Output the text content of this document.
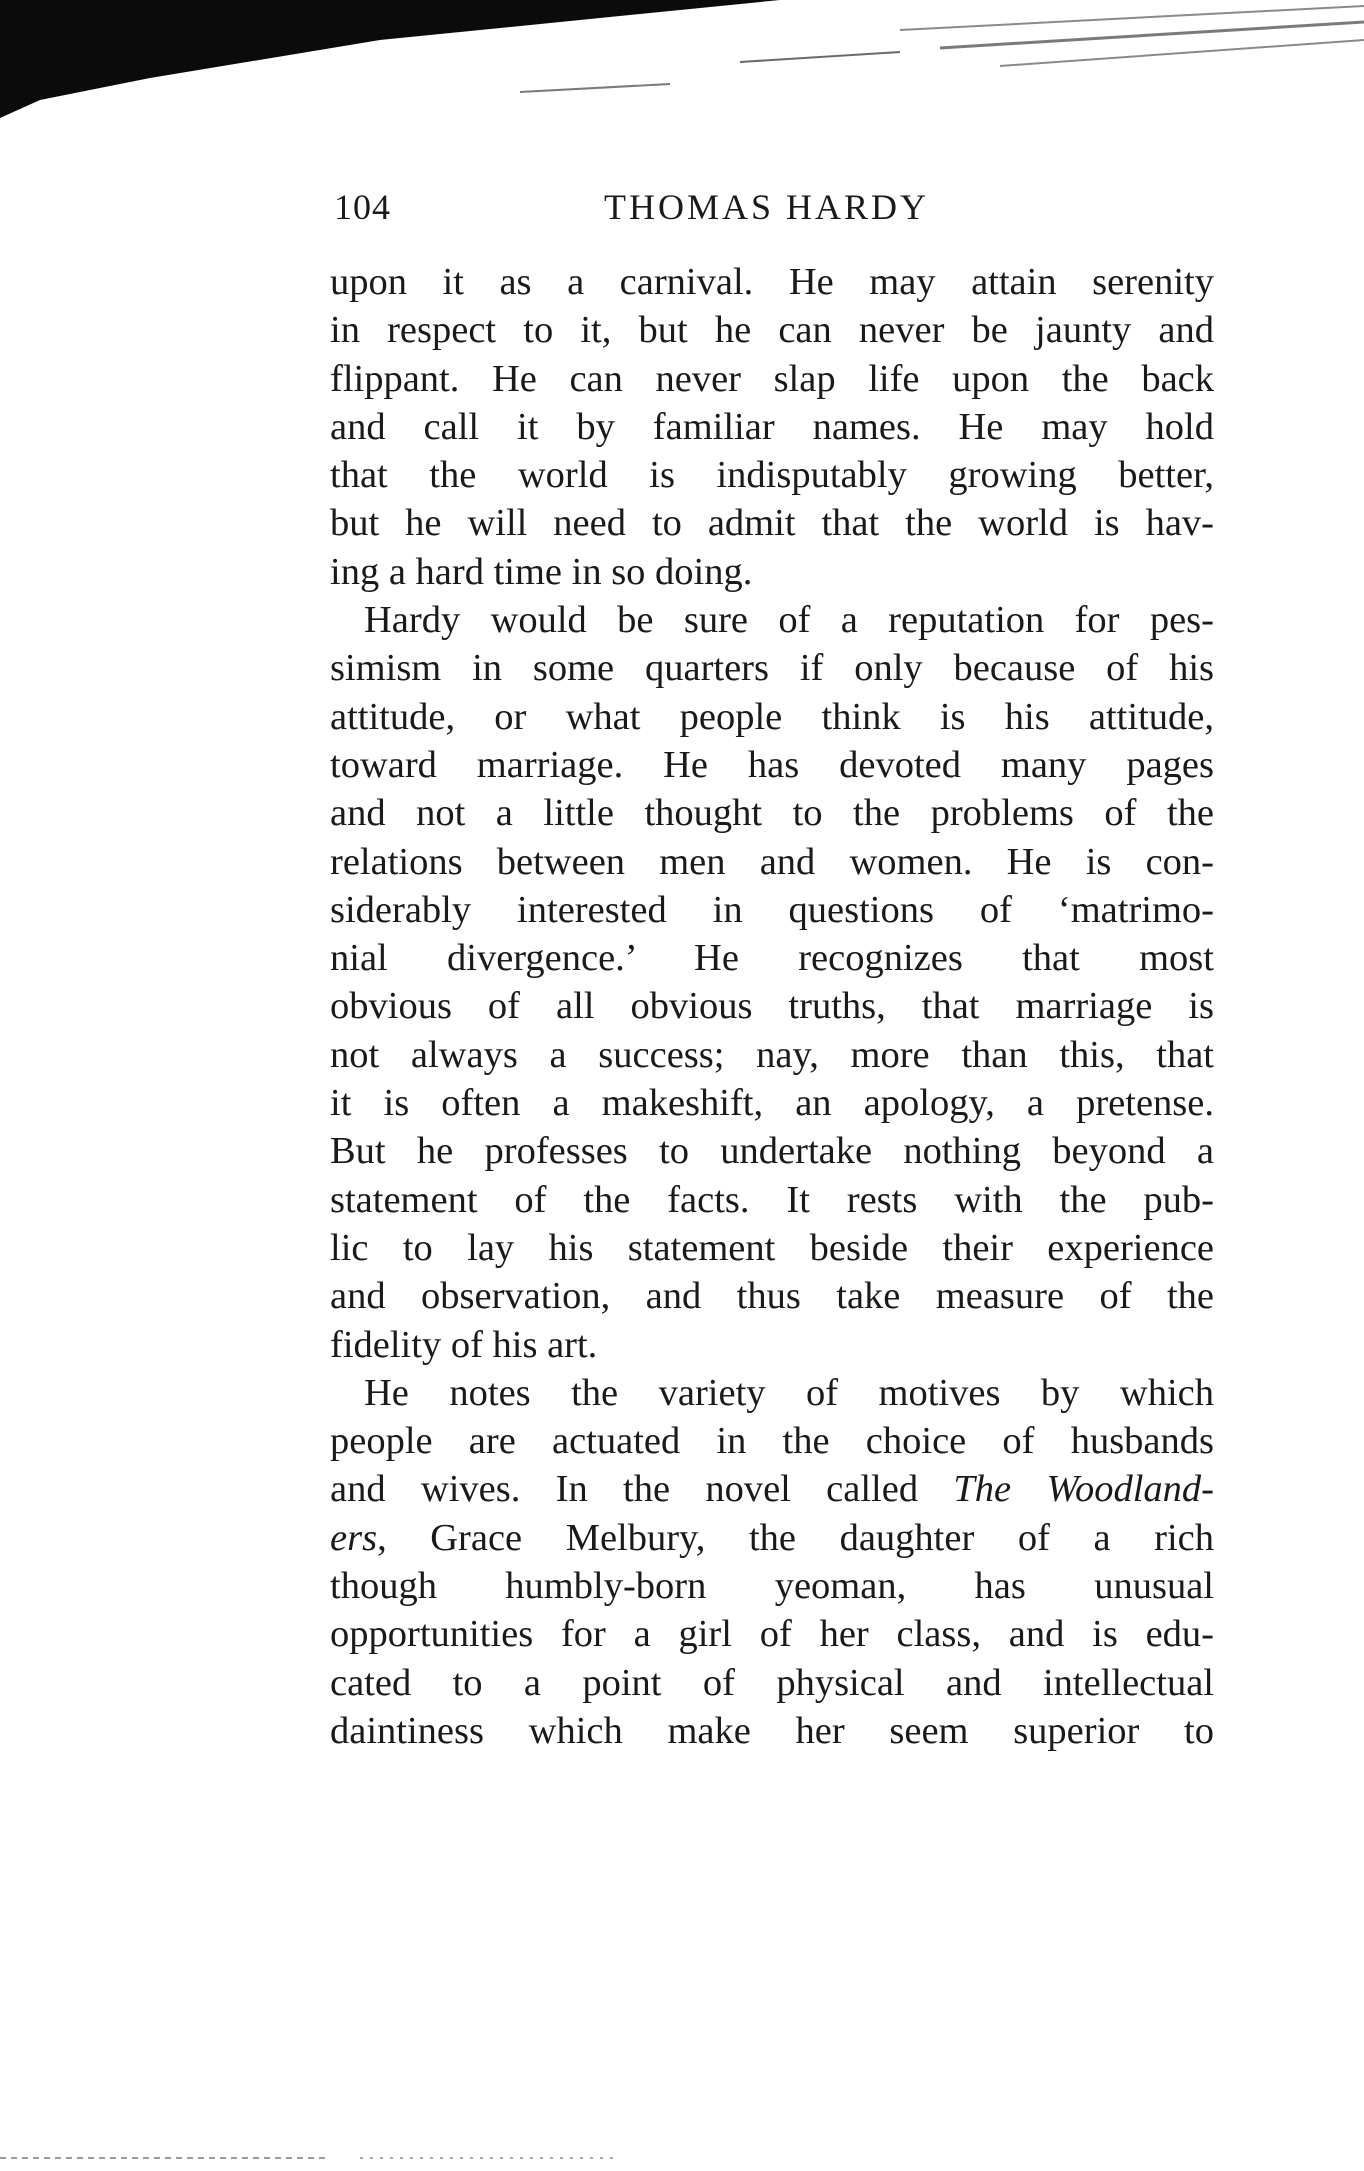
104	THOMAS HARDY
upon it as a carnival. He may attain serenity
in respect to it, but he can never be jaunty and
flippant. He can never slap life upon the back
and call it by familiar names. He may hold
that the world is indisputably growing better,
but he will need to admit that the world is hav-
ing a hard time in so doing.
Hardy would be sure of a reputation for pes-
simism in some quarters if only because of his
attitude, or what people think is his attitude,
toward marriage. He has devoted many pages
and not a little thought to the problems of the
relations between men and women. He is con-
siderably interested in questions of ‘matrimo-
nial divergence.’ He recognizes that most
obvious of all obvious truths, that marriage is
not always a success; nay, more than this, that
it is often a makeshift, an apology, a pretense.
But he professes to undertake nothing beyond a
statement of the facts. It rests with the pub-
lic to lay his statement beside their experience
and observation, and thus take measure of the
fidelity of his art.
He notes the variety of motives by which
people are actuated in the choice of husbands
and wives. In the novel called The Woodland-
ers, Grace Melbury, the daughter of a rich
though humbly-born yeoman, has unusual
opportunities for a girl of her class, and is edu-
cated to a point of physical and intellectual
daintiness which make her seem superior to
